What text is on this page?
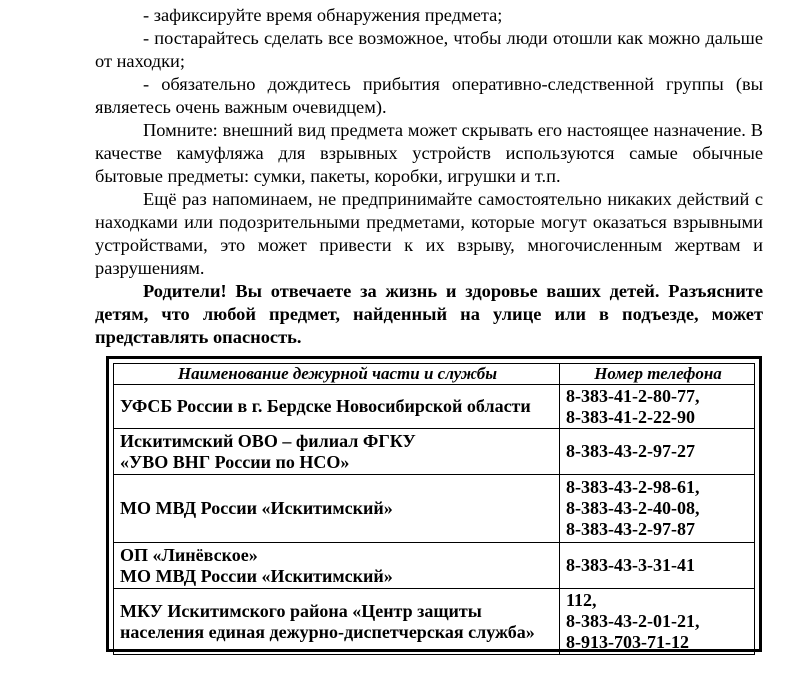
- зафиксируйте время обнаружения предмета;

- постарайтесь сделать все возможное, чтобы люди отошли как можно дальше от находки;

- обязательно дождитесь прибытия оперативно-следственной группы (вы являетесь очень важным очевидцем).

Помните: внешний вид предмета может скрывать его настоящее назначение. В качестве камуфляжа для взрывных устройств используются самые обычные бытовые предметы: сумки, пакеты, коробки, игрушки и т.п.

Ещё раз напоминаем, не предпринимайте самостоятельно никаких действий с находками или подозрительными предметами, которые могут оказаться взрывными устройствами, это может привести к их взрыву, многочисленным жертвам и разрушениям.

Родители! Вы отвечаете за жизнь и здоровье ваших детей. Разъясните детям, что любой предмет, найденный на улице или в подъезде, может представлять опасность.

Наименование дежурной части и службы	Номер телефона

УФСБ России в г. Бердске Новосибирской области	8-383-41-2-80-77,
8-383-41-2-22-90

Искитимский ОВО – филиал ФГКУ
«УВО ВНГ России по НСО»	8-383-43-2-97-27

МО МВД России «Искитимский»	8-383-43-2-98-61,
8-383-43-2-40-08,
8-383-43-2-97-87

ОП «Линёвское»
МО МВД России «Искитимский»	8-383-43-3-31-41

МКУ Искитимского района «Центр защиты
населения единая дежурно-диспетчерская служба»	112,
8-383-43-2-01-21,
8-913-703-71-12
